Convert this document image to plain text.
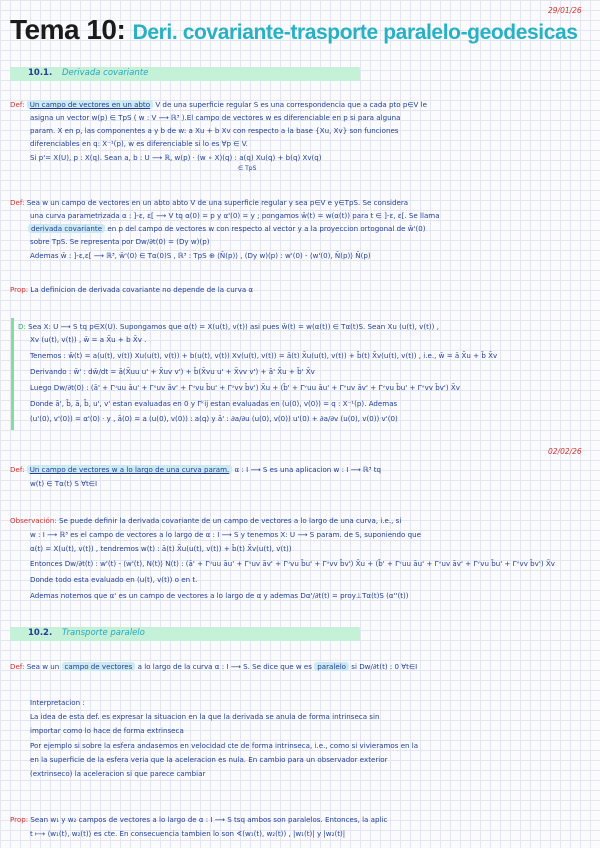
Tema 10: Deri. covariante-trasporte paralelo-geodesicas
29/01/26
10.1. Derivada covariante
Def: Un campo de vectores en un abto V de una superficie regular S es una correspondencia que a cada pto p∈V le
asigna un vector w(p) ∈ TpS ( w : V ⟶ ℝ³ ).El campo de vectores w es diferenciable en p si para alguna
param. X en p, las componentes a y b de w: a Xu + b Xv con respecto a la base {Xu, Xv} son funciones
diferenciables en q: X⁻¹(p), w es diferenciable si lo es ∀p ∈ V.
Si p'= X(U), p : X(q). Sean a, b : U ⟶ ℝ, w(p) · (w ∘ X)(q) : a(q) Xu(q) + b(q) Xv(q)
∈ TpS
Def: Sea w un campo de vectores en un abto abto V de una superficie regular y sea p∈V e y∈TpS. Se considera
una curva parametrizada α : ]-ε, ε[ ⟶ V tq α(0) = p y α'(0) = y ; pongamos w̄(t) = w(α(t)) para t ∈ ]-ε, ε[. Se llama
derivada covariante en p del campo de vectores w con respecto al vector y a la proyeccion ortogonal de w̄'(0)
sobre TpS. Se representa por Dw/∂t(0) = (Dy w)(p)
Ademas w̄ : ]-ε,ε[ ⟶ ℝ³, w̄'(0) ∈ Tα(0)S , ℝ³ : TpS ⊕ ⟨Ñ(p)⟩ , (Dy w)(p) : w'(0) - ⟨w'(0), Ñ(p)⟩ Ñ(p)
Prop: La definicion de derivada covariante no depende de la curva α
D: Sea X: U ⟶ S tq p∈X(U). Supongamos que α(t) = X(u(t), v(t)) asi pues w̄(t) = w(α(t)) ∈ Tα(t)S. Sean Xu (u(t), v(t)) ,
Xv (u(t), v(t)) , w̄ = a X̄u + b X̄v .
Tenemos : w̄(t) = a(u(t), v(t)) Xu(u(t), v(t)) + b(u(t), v(t)) Xv(u(t), v(t)) = ā(t) X̄u(u(t), v(t)) + b̄(t) X̄v(u(t), v(t)) , i.e., w̄ = ā X̄u + b̄ X̄v
Derivando : w̄' : dw̄/dt = ā(X̄uu u' + X̄uv v') + b̄(X̄vu u' + X̄vv v') + ā' X̄u + b̄' X̄v
Luego Dw/∂t(0) : (ā' + Γᵘuu āu' + Γᵘuv āv' + Γᵘvu b̄u' + Γᵘvv b̄v') X̄u + (b̄' + Γᵛuu āu' + Γᵛuv āv' + Γᵛvu b̄u' + Γᵛvv b̄v') X̄v
Donde ā', b̄, ā, b̄, u', v' estan evaluadas en 0 y Γᵏij estan evaluadas en (u(0), v(0)) = q : X⁻¹(p). Ademas
(u'(0), v'(0)) = α'(0) · y , ā(0) = a (u(0), v(0)) : a(q) y ā' : ∂a/∂u (u(0), v(0)) u'(0) + ∂a/∂v (u(0), v(0)) v'(0)
02/02/26
Def: Un campo de vectores w a lo largo de una curva param. α : I ⟶ S es una aplicacion w : I ⟶ ℝ³ tq
w(t) ∈ Tα(t) S ∀t∈I
Observación: Se puede definir la derivada covariante de un campo de vectores a lo largo de una curva, i.e., si
w : I ⟶ ℝ³ es el campo de vectores a lo largo de α : I ⟶ S y tenemos X: U ⟶ S param. de S, suponiendo que
α(t) = X(u(t), v(t)) , tendremos w(t) : ā(t) X̄u(u(t), v(t)) + b̄(t) X̄v(u(t), v(t))
Entonces Dw/∂t(t) : w'(t) - ⟨w'(t), N(t)⟩ N(t) : (ā' + Γᵘuu āu' + Γᵘuv āv' + Γᵘvu b̄u' + Γᵘvv b̄v') X̄u + (b̄' + Γᵛuu āu' + Γᵛuv āv' + Γᵛvu b̄u' + Γᵛvv b̄v') X̄v
Donde todo esta evaluado en (u(t), v(t)) o en t.
Ademas notemos que α' es un campo de vectores a lo largo de α y ademas Dα'/∂t(t) = proy⊥Tα(t)S (α''(t))
10.2. Transporte paralelo
Def: Sea w un campo de vectores a lo largo de la curva α : I ⟶ S. Se dice que w es paralelo si Dw/∂t(t) : 0 ∀t∈I
Interpretacion :
La idea de esta def. es expresar la situacion en la que la derivada se anula de forma intrinseca sin
importar como lo hace de forma extrinseca
Por ejemplo si sobre la esfera andasemos en velocidad cte de forma intrinseca, i.e., como si vivieramos en la
en la superficie de la esfera veria que la aceleracion es nula. En cambio para un observador exterior
(extrinseco) la aceleracion si que parece cambiar
Prop: Sean w₁ y w₂ campos de vectores a lo largo de α : I ⟶ S tsq ambos son paralelos. Entonces, la aplic
t ⟼ ⟨w₁(t), w₂(t)⟩ es cte. En consecuencia tambien lo son ∢(w₁(t), w₂(t)) , |w₁(t)| y |w₂(t)|
